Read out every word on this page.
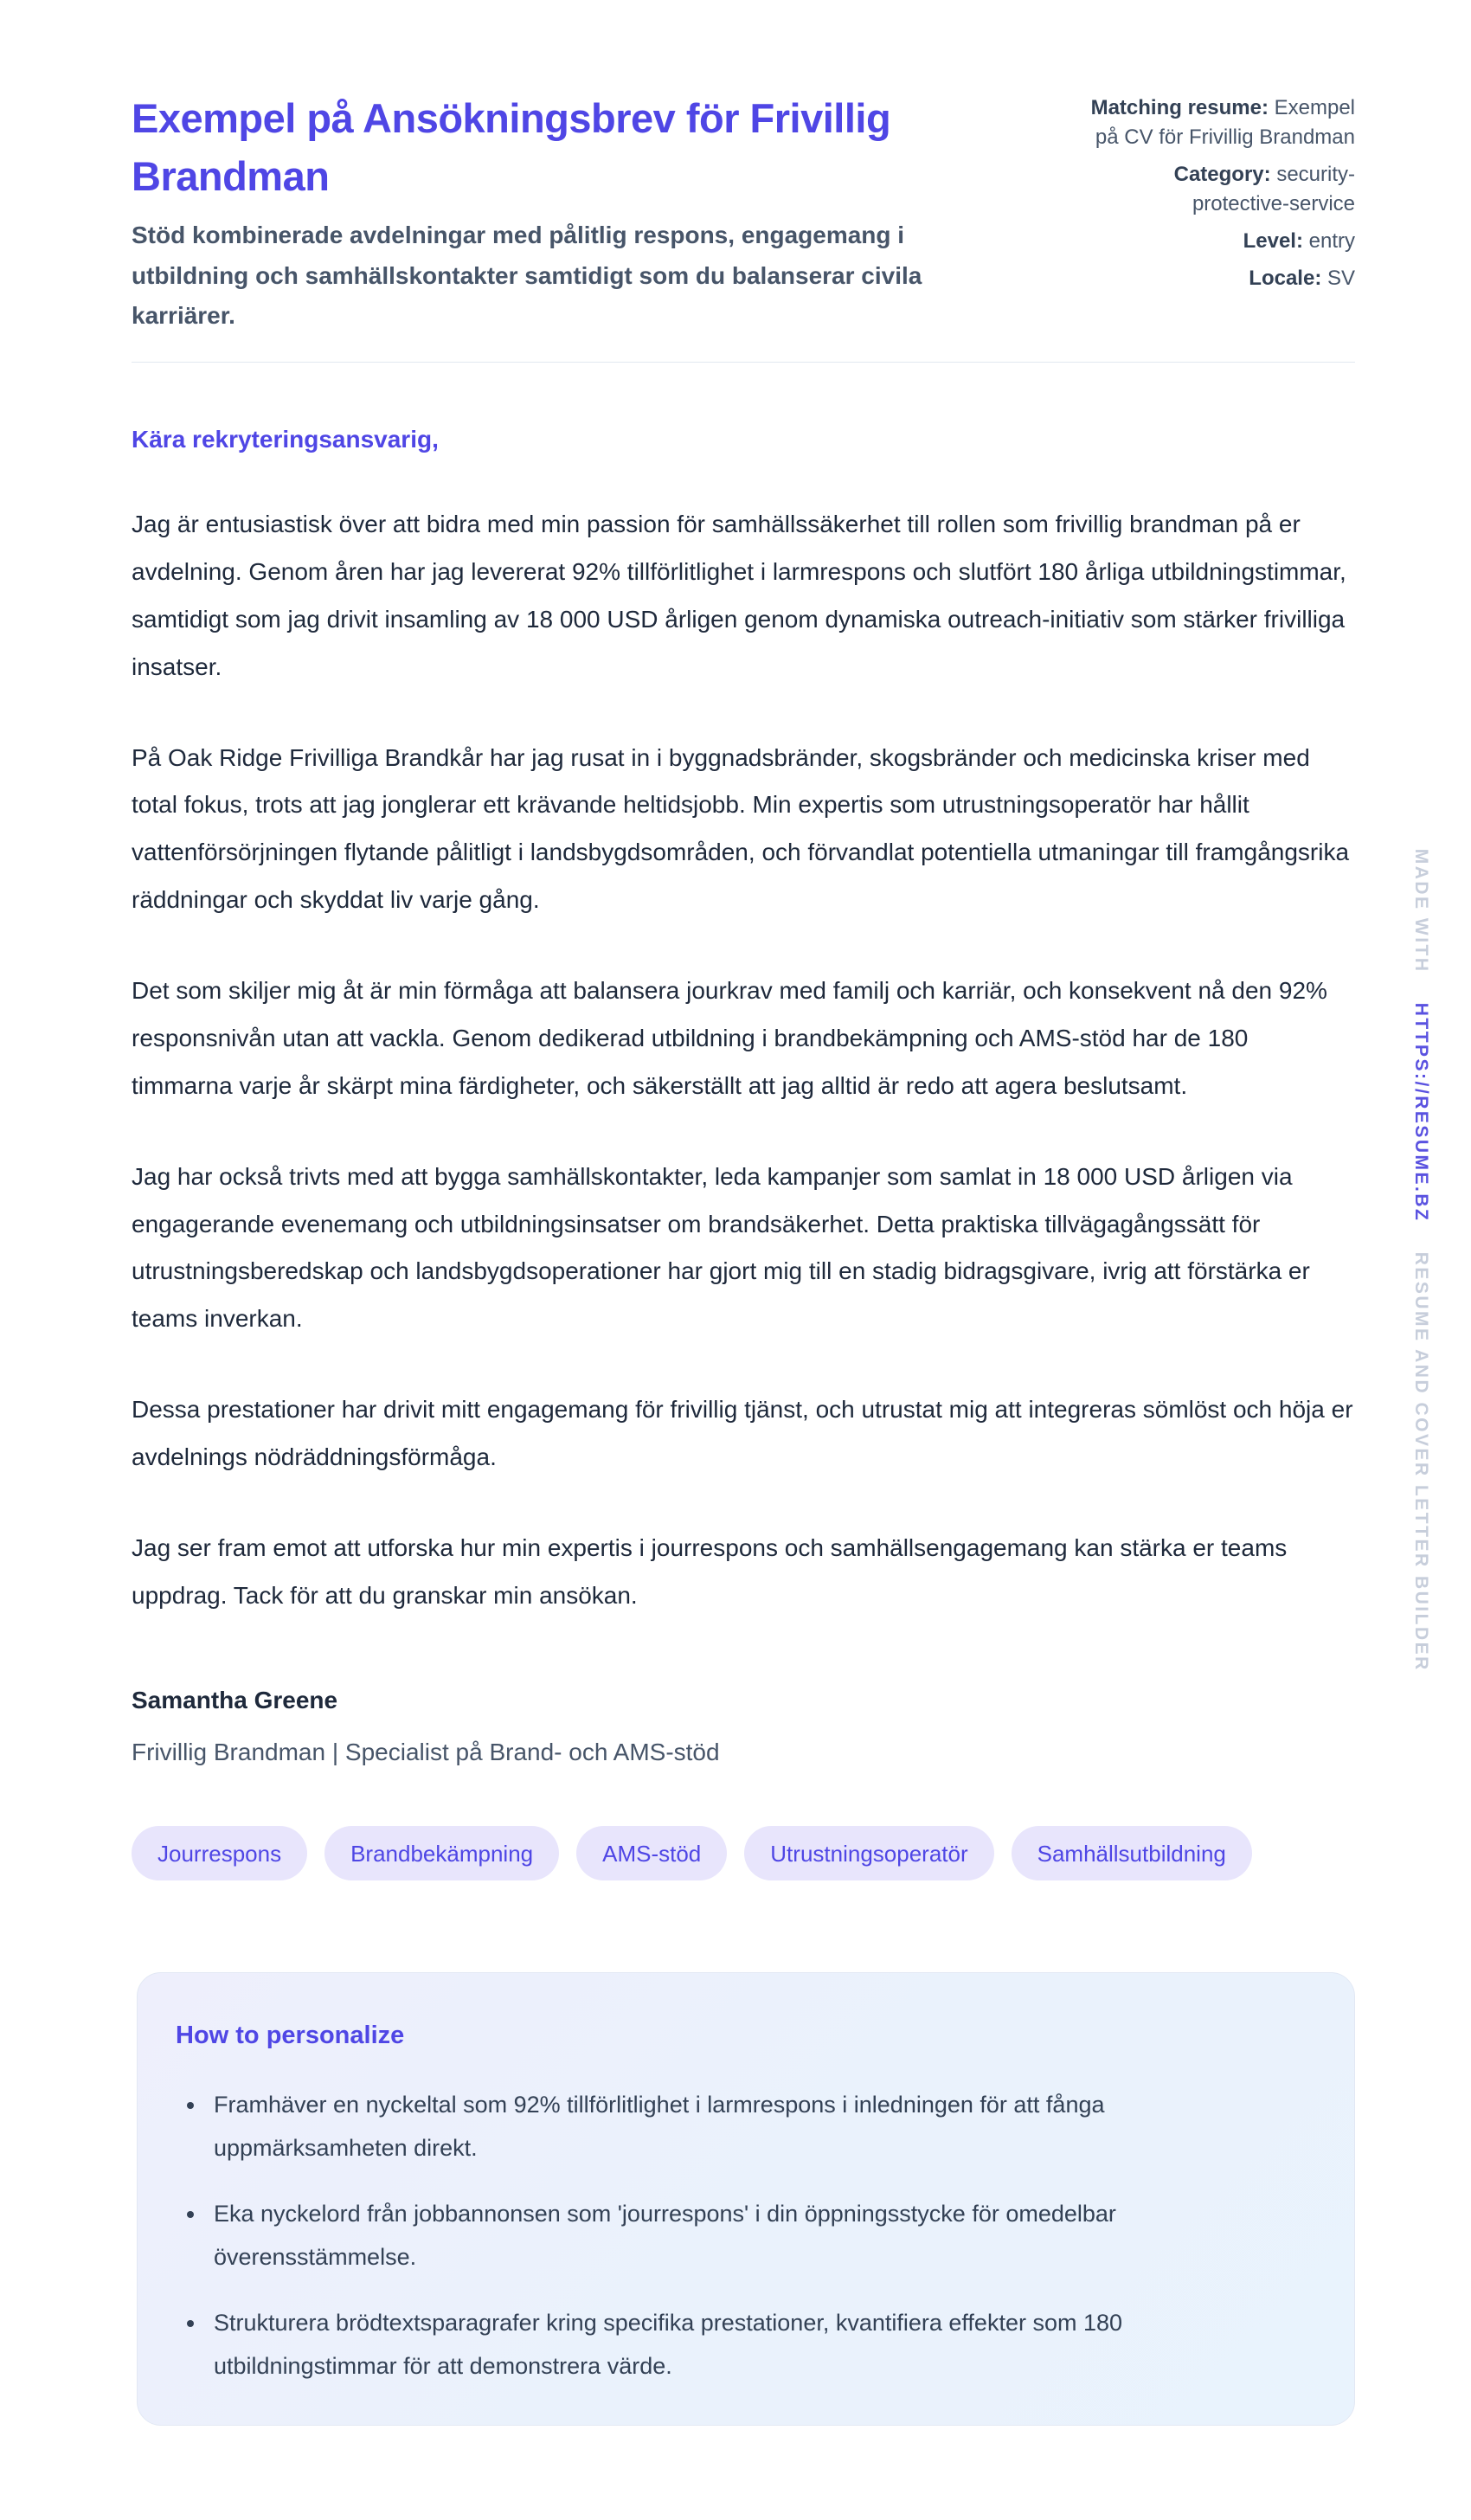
MADE WITHHTTPS://RESUME.BZRESUME AND COVER LETTER BUILDER
Exempel på Ansökningsbrev för Frivillig Brandman

Stöd kombinerade avdelningar med pålitlig respons, engagemang i utbildning och samhällskontakter samtidigt som du balanserar civila karriärer.

Matching resume: Exempel på CV för Frivillig Brandman
Category: security-protective-service
Level: entry
Locale: SV

Kära rekryteringsansvarig,

Jag är entusiastisk över att bidra med min passion för samhällssäkerhet till rollen som frivillig brandman på er avdelning. Genom åren har jag levererat 92% tillförlitlighet i larmrespons och slutfört 180 årliga utbildningstimmar, samtidigt som jag drivit insamling av 18 000 USD årligen genom dynamiska outreach-initiativ som stärker frivilliga insatser.

På Oak Ridge Frivilliga Brandkår har jag rusat in i byggnadsbränder, skogsbränder och medicinska kriser med total fokus, trots att jag jonglerar ett krävande heltidsjobb. Min expertis som utrustningsoperatör har hållit vattenförsörjningen flytande pålitligt i landsbygdsområden, och förvandlat potentiella utmaningar till framgångsrika räddningar och skyddat liv varje gång.

Det som skiljer mig åt är min förmåga att balansera jourkrav med familj och karriär, och konsekvent nå den 92% responsnivån utan att vackla. Genom dedikerad utbildning i brandbekämpning och AMS-stöd har de 180 timmarna varje år skärpt mina färdigheter, och säkerställt att jag alltid är redo att agera beslutsamt.

Jag har också trivts med att bygga samhällskontakter, leda kampanjer som samlat in 18 000 USD årligen via engagerande evenemang och utbildningsinsatser om brandsäkerhet. Detta praktiska tillvägagångssätt för utrustningsberedskap och landsbygdsoperationer har gjort mig till en stadig bidragsgivare, ivrig att förstärka er teams inverkan.

Dessa prestationer har drivit mitt engagemang för frivillig tjänst, och utrustat mig att integreras sömlöst och höja er avdelnings nödräddningsförmåga.

Jag ser fram emot att utforska hur min expertis i jourrespons och samhällsengagemang kan stärka er teams uppdrag. Tack för att du granskar min ansökan.

Samantha Greene

Frivillig Brandman | Specialist på Brand- och AMS-stöd

Jourrespons	Brandbekämpning	AMS-stöd	Utrustningsoperatör	Samhällsutbildning
How to personalize
• Framhäver en nyckeltal som 92% tillförlitlighet i larmrespons i inledningen för att fånga uppmärksamheten direkt.
• Eka nyckelord från jobbannonsen som 'jourrespons' i din öppningsstycke för omedelbar överensstämmelse.
• Strukturera brödtextsparagrafer kring specifika prestationer, kvantifiera effekter som 180 utbildningstimmar för att demonstrera värde.
